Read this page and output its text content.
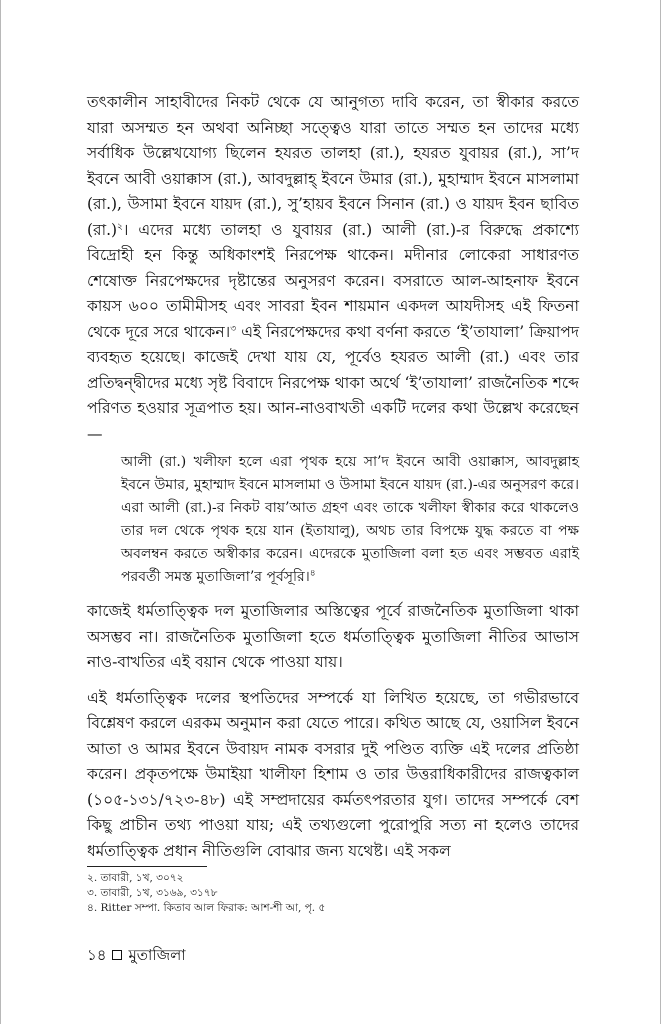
তৎকালীন সাহাবীদের নিকট থেকে যে আনুগত্য দাবি করেন, তা স্বীকার করতে যারা অসম্মত হন অথবা অনিচ্ছা সত্ত্বেও যারা তাতে সম্মত হন তাদের মধ্যে সর্বাধিক উল্লেখযোগ্য ছিলেন হযরত তালহা (রা.), হযরত যুবায়র (রা.), সা’দ ইবনে আবী ওয়াক্কাস (রা.), আবদুল্লাহ্ ইবনে উমার (রা.), মুহাম্মাদ ইবনে মাসলামা (রা.), উসামা ইবনে যায়দ (রা.), সু’হায়ব ইবনে সিনান (রা.) ও যায়দ ইবন ছাবিত (রা.)$^২$। এদের মধ্যে তালহা ও যুবায়র (রা.) আলী (রা.)-র বিরুদ্ধে প্রকাশ্যে বিদ্রোহী হন কিন্তু অধিকাংশই নিরপেক্ষ থাকেন। মদীনার লোকেরা সাধারণত শেষোক্ত নিরপেক্ষদের দৃষ্টান্তের অনুসরণ করেন। বসরাতে আল-আহনাফ ইবনে কায়স ৬০০ তামীমীসহ এবং সাবরা ইবন শায়মান একদল আযদীসহ এই ফিতনা থেকে দূরে সরে থাকেন।$^৩$ এই নিরপেক্ষদের কথা বর্ণনা করতে ‘ই’তাযালা’ ক্রিয়াপদ ব্যবহৃত হয়েছে। কাজেই দেখা যায় যে, পূর্বেও হযরত আলী (রা.) এবং তার প্রতিদ্বন্দ্বীদের মধ্যে সৃষ্ট বিবাদে নিরপেক্ষ থাকা অর্থে ‘ই’তাযালা’ রাজনৈতিক শব্দে পরিণত হওয়ার সূত্রপাত হয়। আন-নাওবাখতী একটি দলের কথা উল্লেখ করেছেন—

আলী (রা.) খলীফা হলে এরা পৃথক হয়ে সা’দ ইবনে আবী ওয়াক্কাস, আবদুল্লাহ ইবনে উমার, মুহাম্মাদ ইবনে মাসলামা ও উসামা ইবনে যায়দ (রা.)-এর অনুসরণ করে। এরা আলী (রা.)-র নিকট বায়’আত গ্রহণ এবং তাকে খলীফা স্বীকার করে থাকলেও তার দল থেকে পৃথক হয়ে যান (ইতাযালু), অথচ তার বিপক্ষে যুদ্ধ করতে বা পক্ষ অবলম্বন করতে অস্বীকার করেন। এদেরকে মুতাজিলা বলা হত এবং সম্ভবত এরাই পরবর্তী সমস্ত মুতাজিলা’র পূর্বসূরি।$^৪$

কাজেই ধর্মতাত্ত্বিক দল মুতাজিলার অস্তিত্বের পূর্বে রাজনৈতিক মুতাজিলা থাকা অসম্ভব না। রাজনৈতিক মুতাজিলা হতে ধর্মতাত্ত্বিক মুতাজিলা নীতির আভাস নাও-বাখতির এই বয়ান থেকে পাওয়া যায়।

এই ধর্মতাত্ত্বিক দলের স্থপতিদের সম্পর্কে যা লিখিত হয়েছে, তা গভীরভাবে বিশ্লেষণ করলে এরকম অনুমান করা যেতে পারে। কথিত আছে যে, ওয়াসিল ইবনে আতা ও আমর ইবনে উবায়দ নামক বসরার দুই পণ্ডিত ব্যক্তি এই দলের প্রতিষ্ঠা করেন। প্রকৃতপক্ষে উমাইয়া খালীফা হিশাম ও তার উত্তরাধিকারীদের রাজত্বকাল (১০৫-১৩১/৭২৩-৪৮) এই সম্প্রদায়ের কর্মতৎপরতার যুগ। তাদের সম্পর্কে বেশ কিছু প্রাচীন তথ্য পাওয়া যায়; এই তথ্যগুলো পুরোপুরি সত্য না হলেও তাদের ধর্মতাত্ত্বিক প্রধান নীতিগুলি বোঝার জন্য যথেষ্ট। এই সকল

২. তাবারী, ১খ, ৩০৭২
৩. তাবারী, ১খ, ৩১৬৯, ৩১৭৮
৪. Ritter সম্পা. কিতাব আল ফিরাক: আশ-শী আ, পৃ. ৫
১৪ মুতাজিলা
